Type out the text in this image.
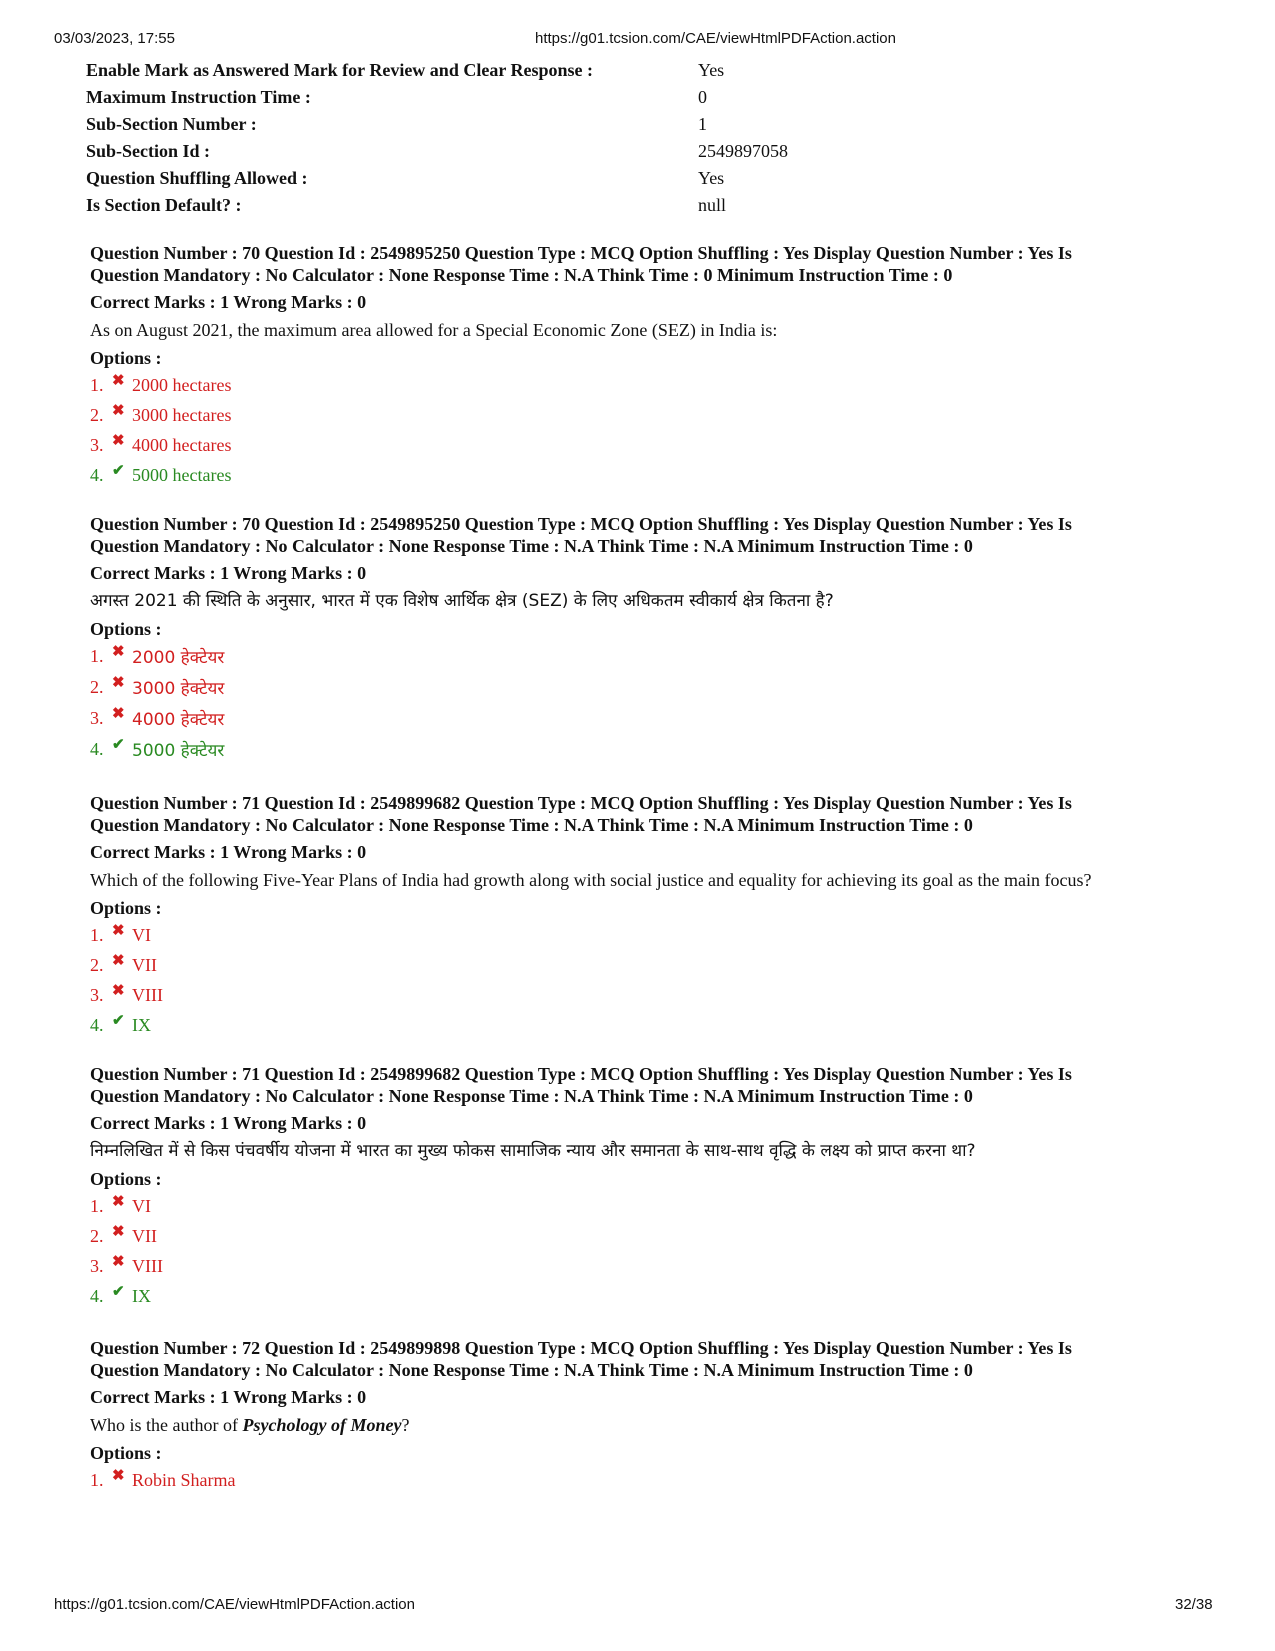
03/03/2023, 17:55	https://g01.tcsion.com/CAE/viewHtmlPDFAction.action
Enable Mark as Answered Mark for Review and Clear Response :	Yes
Maximum Instruction Time :	0
Sub-Section Number :	1
Sub-Section Id :	2549897058
Question Shuffling Allowed :	Yes
Is Section Default? :	null
Question Number : 70 Question Id : 2549895250 Question Type : MCQ Option Shuffling : Yes Display Question Number : Yes Is
Question Mandatory : No Calculator : None Response Time : N.A Think Time : 0 Minimum Instruction Time : 0
Correct Marks : 1 Wrong Marks : 0
As on August 2021, the maximum area allowed for a Special Economic Zone (SEZ) in India is:
Options :
1. ✖ 2000 hectares
2. ✖ 3000 hectares
3. ✖ 4000 hectares
4. ✔ 5000 hectares
Question Number : 70 Question Id : 2549895250 Question Type : MCQ Option Shuffling : Yes Display Question Number : Yes Is
Question Mandatory : No Calculator : None Response Time : N.A Think Time : N.A Minimum Instruction Time : 0
Correct Marks : 1 Wrong Marks : 0
अगस्त 2021 की स्थिति के अनुसार, भारत में एक विशेष आर्थिक क्षेत्र (SEZ) के लिए अधिकतम स्वीकार्य क्षेत्र कितना है?
Options :
1. ✖ 2000 हेक्टेयर
2. ✖ 3000 हेक्टेयर
3. ✖ 4000 हेक्टेयर
4. ✔ 5000 हेक्टेयर
Question Number : 71 Question Id : 2549899682 Question Type : MCQ Option Shuffling : Yes Display Question Number : Yes Is
Question Mandatory : No Calculator : None Response Time : N.A Think Time : N.A Minimum Instruction Time : 0
Correct Marks : 1 Wrong Marks : 0
Which of the following Five-Year Plans of India had growth along with social justice and equality for achieving its goal as the main focus?
Options :
1. ✖ VI
2. ✖ VII
3. ✖ VIII
4. ✔ IX
Question Number : 71 Question Id : 2549899682 Question Type : MCQ Option Shuffling : Yes Display Question Number : Yes Is
Question Mandatory : No Calculator : None Response Time : N.A Think Time : N.A Minimum Instruction Time : 0
Correct Marks : 1 Wrong Marks : 0
निम्नलिखित में से किस पंचवर्षीय योजना में भारत का मुख्य फोकस सामाजिक न्याय और समानता के साथ-साथ वृद्धि के लक्ष्य को प्राप्त करना था?
Options :
1. ✖ VI
2. ✖ VII
3. ✖ VIII
4. ✔ IX
Question Number : 72 Question Id : 2549899898 Question Type : MCQ Option Shuffling : Yes Display Question Number : Yes Is
Question Mandatory : No Calculator : None Response Time : N.A Think Time : N.A Minimum Instruction Time : 0
Correct Marks : 1 Wrong Marks : 0
Who is the author of Psychology of Money?
Options :
1. ✖ Robin Sharma
https://g01.tcsion.com/CAE/viewHtmlPDFAction.action	32/38
